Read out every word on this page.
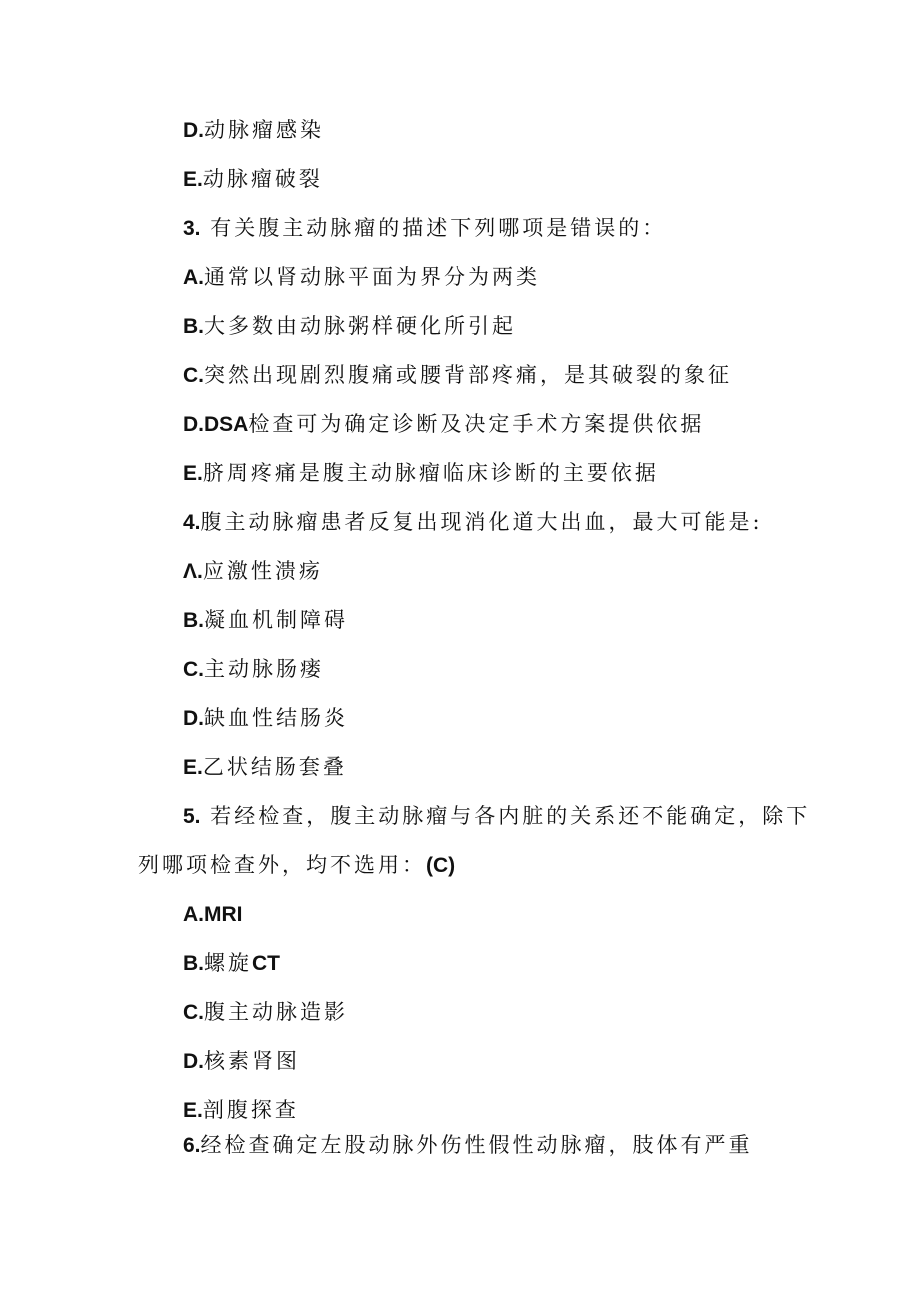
D.动脉瘤感染
E.动脉瘤破裂
3. 有关腹主动脉瘤的描述下列哪项是错误的：
A.通常以肾动脉平面为界分为两类
B.大多数由动脉粥样硬化所引起
C.突然出现剧烈腹痛或腰背部疼痛，是其破裂的象征
D.DSA检查可为确定诊断及决定手术方案提供依据
E.脐周疼痛是腹主动脉瘤临床诊断的主要依据
4.腹主动脉瘤患者反复出现消化道大出血，最大可能是:
Λ.应激性溃疡
B.凝血机制障碍
C.主动脉肠瘘
D.缺血性结肠炎
E.乙状结肠套叠
5. 若经检查，腹主动脉瘤与各内脏的关系还不能确定，除下
列哪项检查外，均不选用：(C)
A.MRI
B.螺旋CT
C.腹主动脉造影
D.核素肾图
E.剖腹探查
6.经检查确定左股动脉外伤性假性动脉瘤，肢体有严重
